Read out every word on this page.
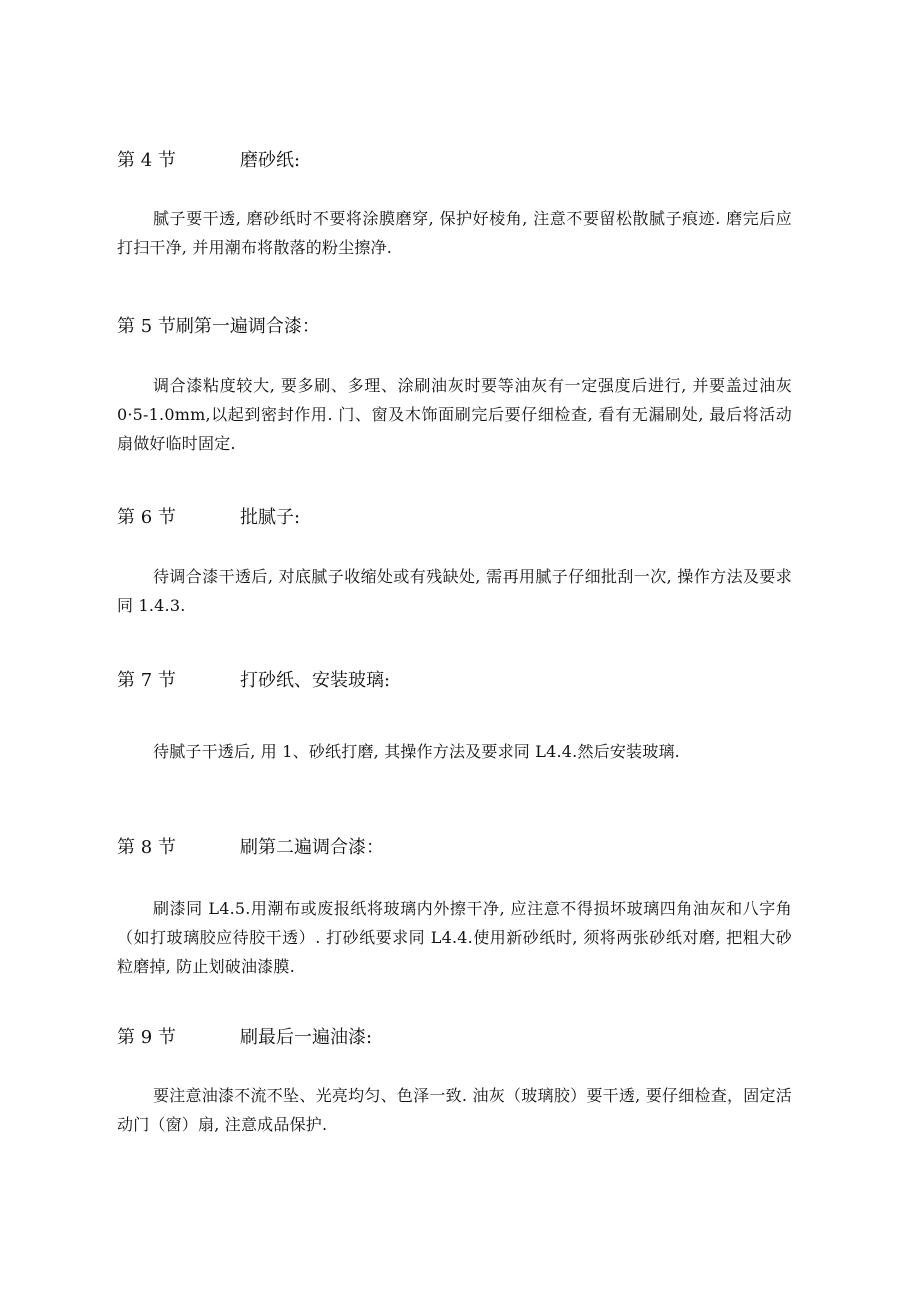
第 4 节	磨砂纸:
腻子要干透, 磨砂纸时不要将涂膜磨穿, 保护好棱角, 注意不要留松散腻子痕迹. 磨完后应打扫干净, 并用潮布将散落的粉尘擦净.
第 5 节 刷第一遍调合漆：
调合漆粘度较大, 要多刷、多理、涂刷油灰时要等油灰有一定强度后进行, 并要盖过油灰 0·5-1.0mm,以起到密封作用. 门、窗及木饰面刷完后要仔细检查, 看有无漏刷处, 最后将活动扇做好临时固定.
第 6 节	批腻子:
待调合漆干透后, 对底腻子收缩处或有残缺处, 需再用腻子仔细批刮一次, 操作方法及要求同 1.4.3.
第 7 节	打砂纸、安装玻璃:
待腻子干透后, 用 1、砂纸打磨, 其操作方法及要求同 L4.4.然后安装玻璃.
第 8 节	刷第二遍调合漆：
刷漆同 L4.5.用潮布或废报纸将玻璃内外擦干净, 应注意不得损坏玻璃四角油灰和八字角（如打玻璃胶应待胶干透）. 打砂纸要求同 L4.4.使用新砂纸时, 须将两张砂纸对磨, 把粗大砂粒磨掉, 防止划破油漆膜.
第 9 节	刷最后一遍油漆:
要注意油漆不流不坠、光亮均匀、色泽一致. 油灰（玻璃胶）要干透, 要仔细检查，固定活动门（窗）扇, 注意成品保护.
